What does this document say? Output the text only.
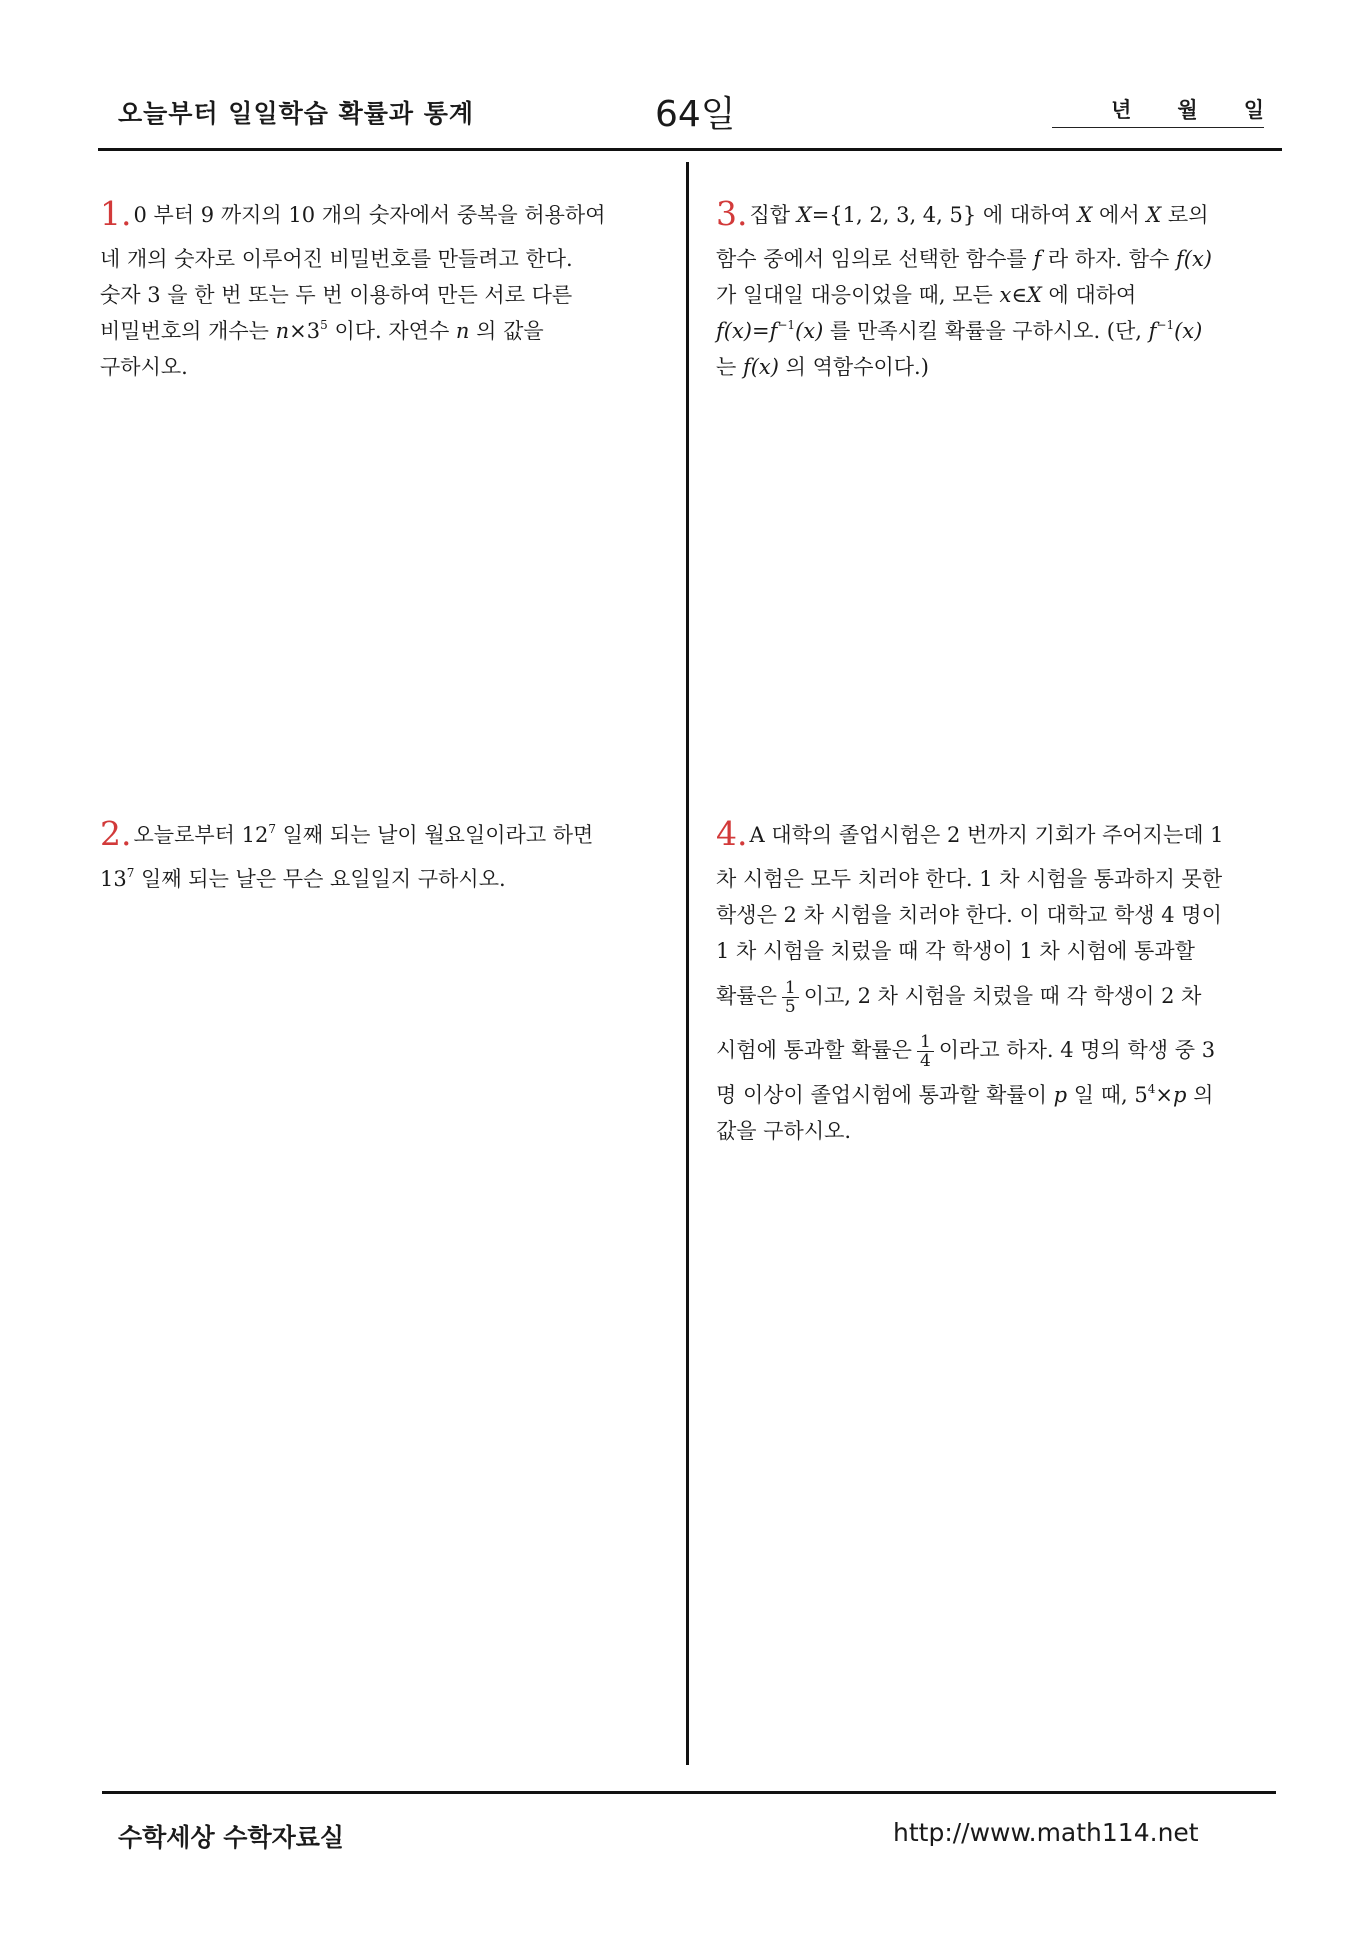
오늘부터 일일학습 확률과 통계	64일	년 월 일

1.0 부터 9 까지의 10 개의 숫자에서 중복을 허용하여

네 개의 숫자로 이루어진 비밀번호를 만들려고 한다.

숫자 3 을 한 번 또는 두 번 이용하여 만든 서로 다른

비밀번호의 개수는 $n\times 3^5$ 이다. 자연수 n 의 값을

구하시오.

2.오늘로부터 $12^7$ 일째 되는 날이 월요일이라고 하면

$13^7$ 일째 되는 날은 무슨 요일일지 구하시오.

3.집합 X={1, 2, 3, 4, 5} 에 대하여 X 에서 X 로의

함수 중에서 임의로 선택한 함수를 f 라 하자. 함수 f(x)

가 일대일 대응이었을 때, 모든 x∈X 에 대하여

$f(x)=f^{-1}(x)$ 를 만족시킬 확률을 구하시오. (단, $f^{-1}(x)$

는 f(x) 의 역함수이다.)

4.A 대학의 졸업시험은 2 번까지 기회가 주어지는데 1

차 시험은 모두 치러야 한다. 1 차 시험을 통과하지 못한

학생은 2 차 시험을 치러야 한다. 이 대학교 학생 4 명이

1 차 시험을 치렀을 때 각 학생이 1 차 시험에 통과할

확률은 $\frac{1}{5}$ 이고, 2 차 시험을 치렀을 때 각 학생이 2 차

시험에 통과할 확률은 $\frac{1}{4}$ 이라고 하자. 4 명의 학생 중 3

명 이상이 졸업시험에 통과할 확률이 p 일 때, $5^4\times p$ 의

값을 구하시오.

수학세상 수학자료실	http://www.math114.net
